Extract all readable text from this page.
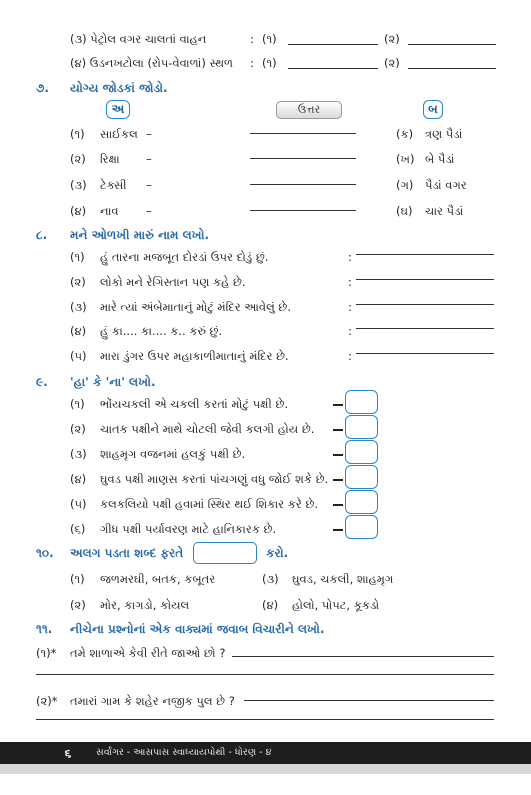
(૩) પેટ્રોલ વગર ચાલતાં વાહન	: (૧)	(૨)
(૪) ઉડનખટોલા (રોપ-વેવાળાં) સ્થળ : (૧)	(૨)
૭. યોગ્ય જોડકાં જોડો.
અ	ઉત્તર	બ
(૧) સાઈકલ –	(ક) ત્રણ પૈડાં
(૨) રિક્ષા –	(ખ) બે પૈડાં
(૩) ટેક્સી –	(ગ) પૈડાં વગર
(૪) નાવ –	(ઘ) ચાર પૈડાં
૮. મને ઓળખી મારું નામ લખો.
(૧) હું તારના મજબૂત દોરડાં ઉપર દોડું છું.	:
(૨) લોકો મને રેગિસ્તાન પણ કહે છે.	:
(૩) મારે ત્યાં અંબેમાતાનું મોટું મંદિર આવેલું છે.	:
(૪) હું કા.... કા.... ક.. કરું છું.	:
(૫) મારા ડુંગર ઉપર મહાકાળીમાતાનું મંદિર છે.	:
૯. 'હા' કે 'ના' લખો.
(૧) ભોંયચકલી એ ચકલી કરતાં મોટું પક્ષી છે.
(૨) ચાતક પક્ષીને માથે ચોટલી જેવી કલગી હોય છે.
(૩) શાહમૃગ વજનમાં હલકું પક્ષી છે.
(૪) ઘુવડ પક્ષી માણસ કરતાં પાંચગણું વધુ જોઈ શકે છે.
(૫) કલકલિયો પક્ષી હવામાં સ્થિર થઈ શિકાર કરે છે.
(૬) ગીધ પક્ષી પર્યાવરણ માટે હાનિકારક છે.
૧૦. અલગ પડતા શબ્દ ફરતે	કરો.
(૧) જળમરઘી, બતક, કબૂતર	(૩) ઘુવડ, ચકલી, શાહમૃગ
(૨) મોર, કાગડો, કોયલ	(૪) હોલો, પોપટ, કૂકડો
૧૧. નીચેના પ્રશ્નોનાં એક વાક્યમાં જવાબ વિચારીને લખો.
(૧)* તમે શાળાએ કેવી રીતે જાઓ છો ?
(૨)* તમારાં ગામ કે શહેર નજીક પુલ છે ?
૬	સર્વાંગર - આસપાસ સ્વાધ્યાયપોથી - ધોરણ - ૪
